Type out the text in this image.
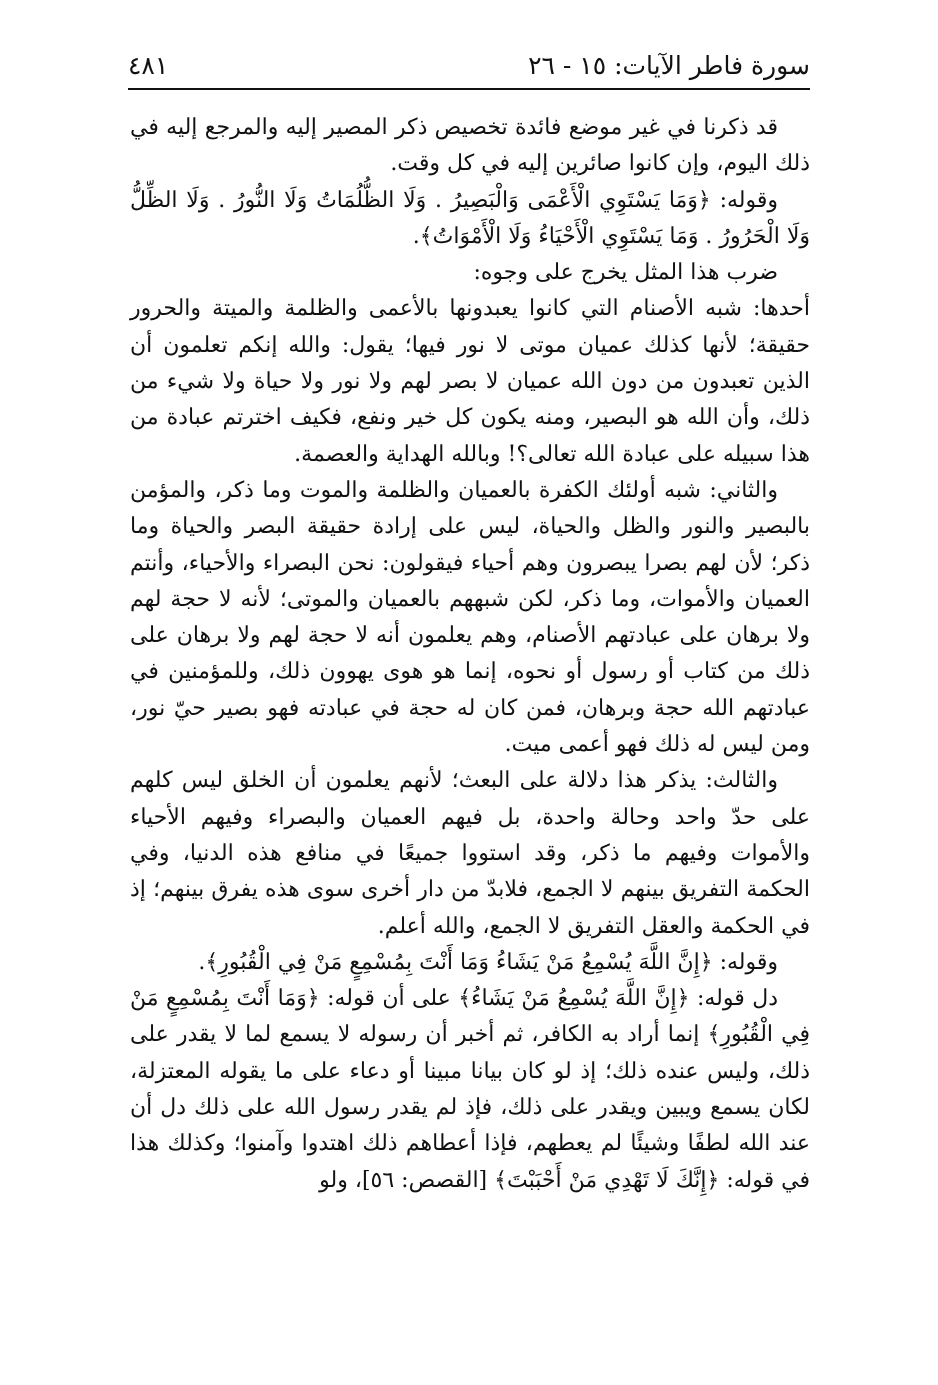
سورة فاطر الآيات: ١٥ - ٢٦
٤٨١

قد ذكرنا في غير موضع فائدة تخصيص ذكر المصير إليه والمرجع إليه في ذلك اليوم، وإن كانوا صائرين إليه في كل وقت.

وقوله: ﴿وَمَا يَسْتَوِي الْأَعْمَى وَالْبَصِيرُ . وَلَا الظُّلُمَاتُ وَلَا النُّورُ . وَلَا الظِّلُّ وَلَا الْحَرُورُ . وَمَا يَسْتَوِي الْأَحْيَاءُ وَلَا الْأَمْوَاتُ﴾.

ضرب هذا المثل يخرج على وجوه:

أحدها: شبه الأصنام التي كانوا يعبدونها بالأعمى والظلمة والميتة والحرور حقيقة؛ لأنها كذلك عميان موتى لا نور فيها؛ يقول: والله إنكم تعلمون أن الذين تعبدون من دون الله عميان لا بصر لهم ولا نور ولا حياة ولا شيء من ذلك، وأن الله هو البصير، ومنه يكون كل خير ونفع، فكيف اخترتم عبادة من هذا سبيله على عبادة الله تعالى؟! وبالله الهداية والعصمة.

والثاني: شبه أولئك الكفرة بالعميان والظلمة والموت وما ذكر، والمؤمن بالبصير والنور والظل والحياة، ليس على إرادة حقيقة البصر والحياة وما ذكر؛ لأن لهم بصرا يبصرون وهم أحياء فيقولون: نحن البصراء والأحياء، وأنتم العميان والأموات، وما ذكر، لكن شبههم بالعميان والموتى؛ لأنه لا حجة لهم ولا برهان على عبادتهم الأصنام، وهم يعلمون أنه لا حجة لهم ولا برهان على ذلك من كتاب أو رسول أو نحوه، إنما هو هوى يهوون ذلك، وللمؤمنين في عبادتهم الله حجة وبرهان، فمن كان له حجة في عبادته فهو بصير حيّ نور، ومن ليس له ذلك فهو أعمى ميت.

والثالث: يذكر هذا دلالة على البعث؛ لأنهم يعلمون أن الخلق ليس كلهم على حدّ واحد وحالة واحدة، بل فيهم العميان والبصراء وفيهم الأحياء والأموات وفيهم ما ذكر، وقد استووا جميعًا في منافع هذه الدنيا، وفي الحكمة التفريق بينهم لا الجمع، فلابدّ من دار أخرى سوى هذه يفرق بينهم؛ إذ في الحكمة والعقل التفريق لا الجمع، والله أعلم.

وقوله: ﴿إِنَّ اللَّهَ يُسْمِعُ مَنْ يَشَاءُ وَمَا أَنْتَ بِمُسْمِعٍ مَنْ فِي الْقُبُورِ﴾.

دل قوله: ﴿إِنَّ اللَّهَ يُسْمِعُ مَنْ يَشَاءُ﴾ على أن قوله: ﴿وَمَا أَنْتَ بِمُسْمِعٍ مَنْ فِي الْقُبُورِ﴾ إنما أراد به الكافر، ثم أخبر أن رسوله لا يسمع لما لا يقدر على ذلك، وليس عنده ذلك؛ إذ لو كان بيانا مبينا أو دعاء على ما يقوله المعتزلة، لكان يسمع ويبين ويقدر على ذلك، فإذ لم يقدر رسول الله على ذلك دل أن عند الله لطفًا وشيئًا لم يعطهم، فإذا أعطاهم ذلك اهتدوا وآمنوا؛ وكذلك هذا في قوله: ﴿إِنَّكَ لَا تَهْدِي مَنْ أَحْبَبْتَ﴾ [القصص: ٥٦]، ولو
